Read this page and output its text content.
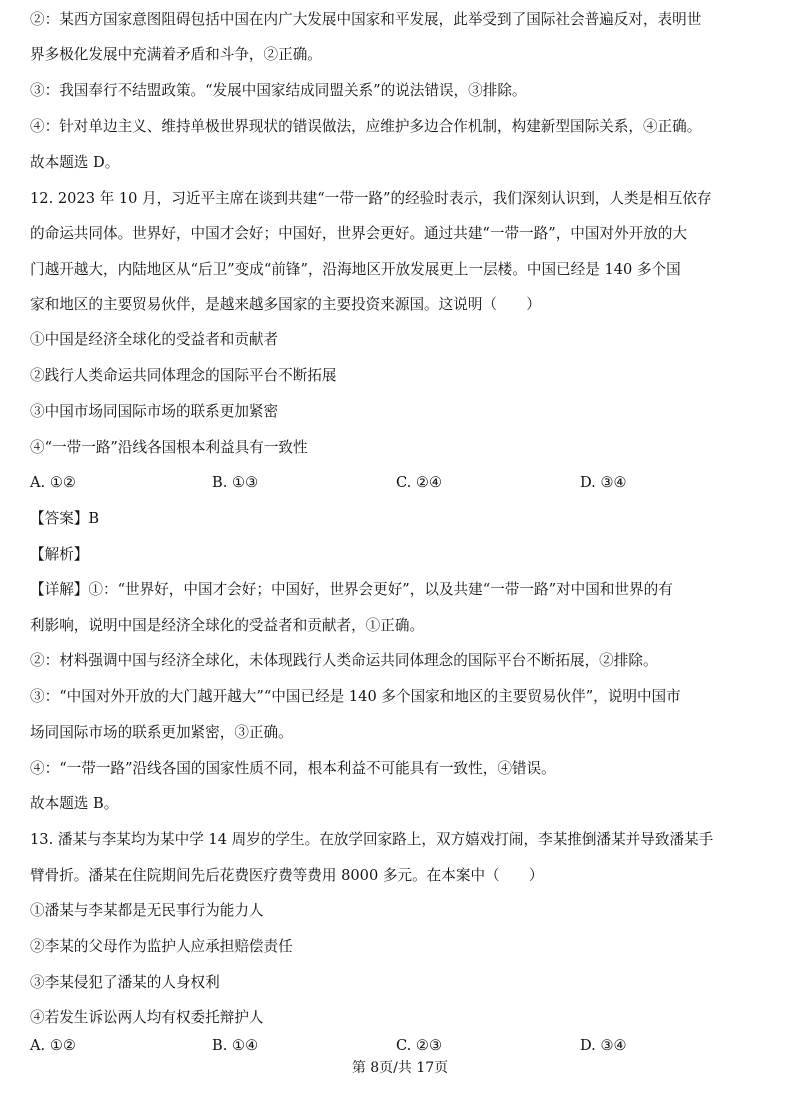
②：某西方国家意图阻碍包括中国在内广大发展中国家和平发展，此举受到了国际社会普遍反对，表明世
界多极化发展中充满着矛盾和斗争，②正确。
③：我国奉行不结盟政策。“发展中国家结成同盟关系”的说法错误，③排除。
④：针对单边主义、维持单极世界现状的错误做法，应维护多边合作机制，构建新型国际关系，④正确。
故本题选 D。
12. 2023 年 10 月，习近平主席在谈到共建“一带一路”的经验时表示，我们深刻认识到，人类是相互依存
的命运共同体。世界好，中国才会好；中国好，世界会更好。通过共建“一带一路”，中国对外开放的大
门越开越大，内陆地区从“后卫”变成“前锋”，沿海地区开放发展更上一层楼。中国已经是 140 多个国
家和地区的主要贸易伙伴，是越来越多国家的主要投资来源国。这说明（　　）
①中国是经济全球化的受益者和贡献者
②践行人类命运共同体理念的国际平台不断拓展
③中国市场同国际市场的联系更加紧密
④“一带一路”沿线各国根本利益具有一致性
A. ①②	B. ①③	C. ②④	D. ③④
【答案】B
【解析】
【详解】①：“世界好，中国才会好；中国好，世界会更好”，以及共建“一带一路”对中国和世界的有
利影响，说明中国是经济全球化的受益者和贡献者，①正确。
②：材料强调中国与经济全球化，未体现践行人类命运共同体理念的国际平台不断拓展，②排除。
③：“中国对外开放的大门越开越大”“中国已经是 140 多个国家和地区的主要贸易伙伴”，说明中国市
场同国际市场的联系更加紧密，③正确。
④：“一带一路”沿线各国的国家性质不同，根本利益不可能具有一致性，④错误。
故本题选 B。
13. 潘某与李某均为某中学 14 周岁的学生。在放学回家路上，双方嬉戏打闹，李某推倒潘某并导致潘某手
臂骨折。潘某在住院期间先后花费医疗费等费用 8000 多元。在本案中（　　）
①潘某与李某都是无民事行为能力人
②李某的父母作为监护人应承担赔偿责任
③李某侵犯了潘某的人身权利
④若发生诉讼两人均有权委托辩护人
A. ①②	B. ①④	C. ②③	D. ③④
第 8页/共 17页
